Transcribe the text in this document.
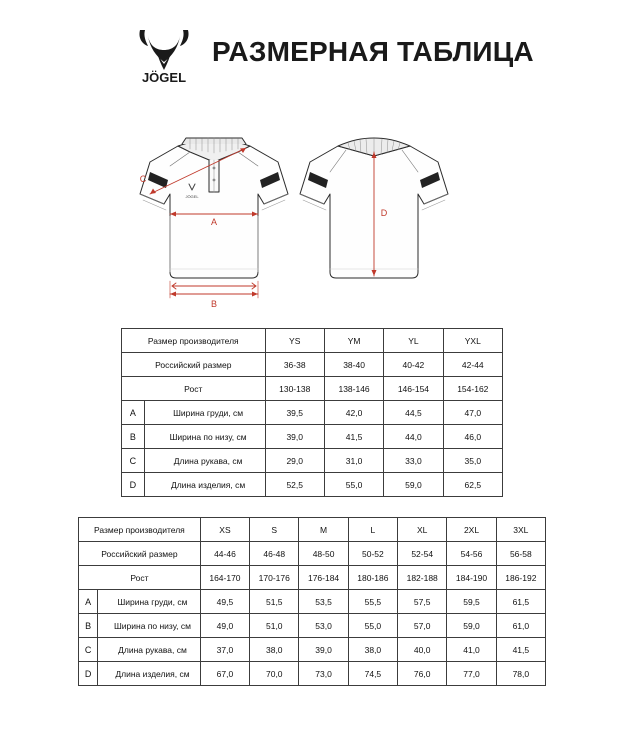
JÖGEL
РАЗМЕРНАЯ ТАБЛИЦА
JÖGEL
A
B
C
D
Размер производителя		YS	YM	YL	YXL
Российский размер		36-38	38-40	40-42	42-44
Рост		130-138	138-146	146-154	154-162
A	Ширина груди, см	39,5	42,0	44,5	47,0
B	Ширина по низу, см	39,0	41,5	44,0	46,0
C	Длина рукава, см	29,0	31,0	33,0	35,0
D	Длина изделия, см	52,5	55,0	59,0	62,5
Размер производителя		XS	S	M	L	XL	2XL	3XL
Российский размер		44-46	46-48	48-50	50-52	52-54	54-56	56-58
Рост		164-170	170-176	176-184	180-186	182-188	184-190	186-192
A	Ширина груди, см	49,5	51,5	53,5	55,5	57,5	59,5	61,5
B	Ширина по низу, см	49,0	51,0	53,0	55,0	57,0	59,0	61,0
C	Длина рукава, см	37,0	38,0	39,0	38,0	40,0	41,0	41,5
D	Длина изделия, см	67,0	70,0	73,0	74,5	76,0	77,0	78,0
